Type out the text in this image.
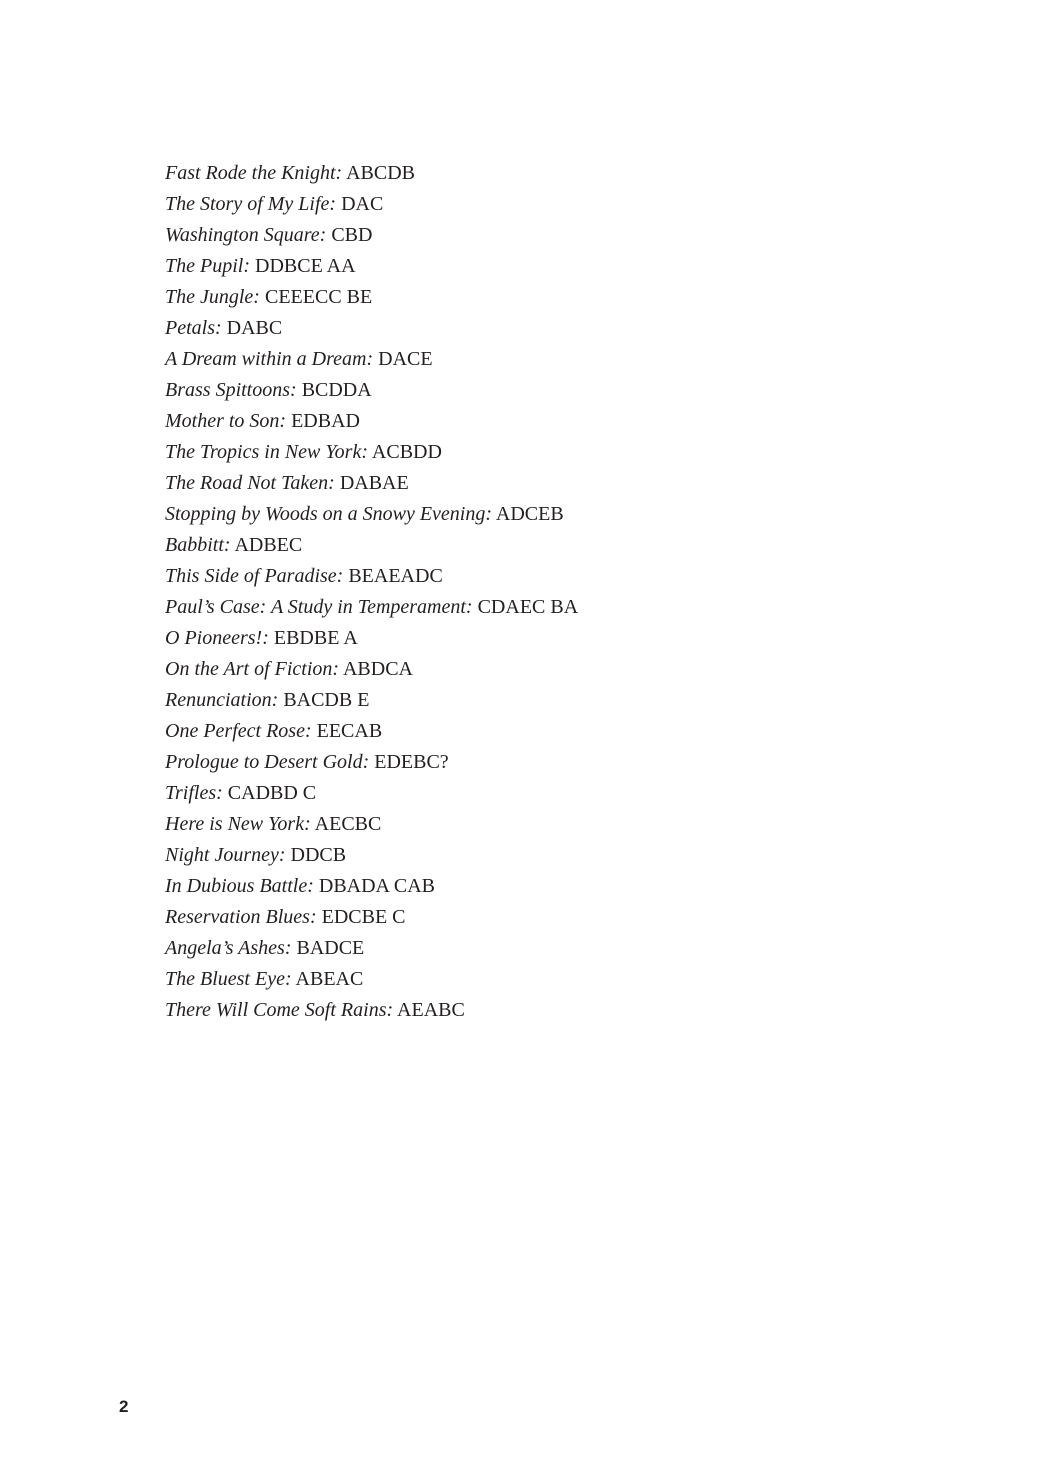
Fast Rode the Knight: ABCDB
The Story of My Life: DAC
Washington Square: CBD
The Pupil: DDBCE AA
The Jungle: CEEECC BE
Petals: DABC
A Dream within a Dream: DACE
Brass Spittoons: BCDDA
Mother to Son: EDBAD
The Tropics in New York: ACBDD
The Road Not Taken: DABAE
Stopping by Woods on a Snowy Evening: ADCEB
Babbitt: ADBEC
This Side of Paradise: BEAEADC
Paul’s Case: A Study in Temperament: CDAEC BA
O Pioneers!: EBDBE A
On the Art of Fiction: ABDCA
Renunciation: BACDB E
One Perfect Rose: EECAB
Prologue to Desert Gold: EDEBC?
Trifles: CADBD C
Here is New York: AECBC
Night Journey: DDCB
In Dubious Battle: DBADA CAB
Reservation Blues: EDCBE C
Angela’s Ashes: BADCE
The Bluest Eye: ABEAC
There Will Come Soft Rains: AEABC
2
